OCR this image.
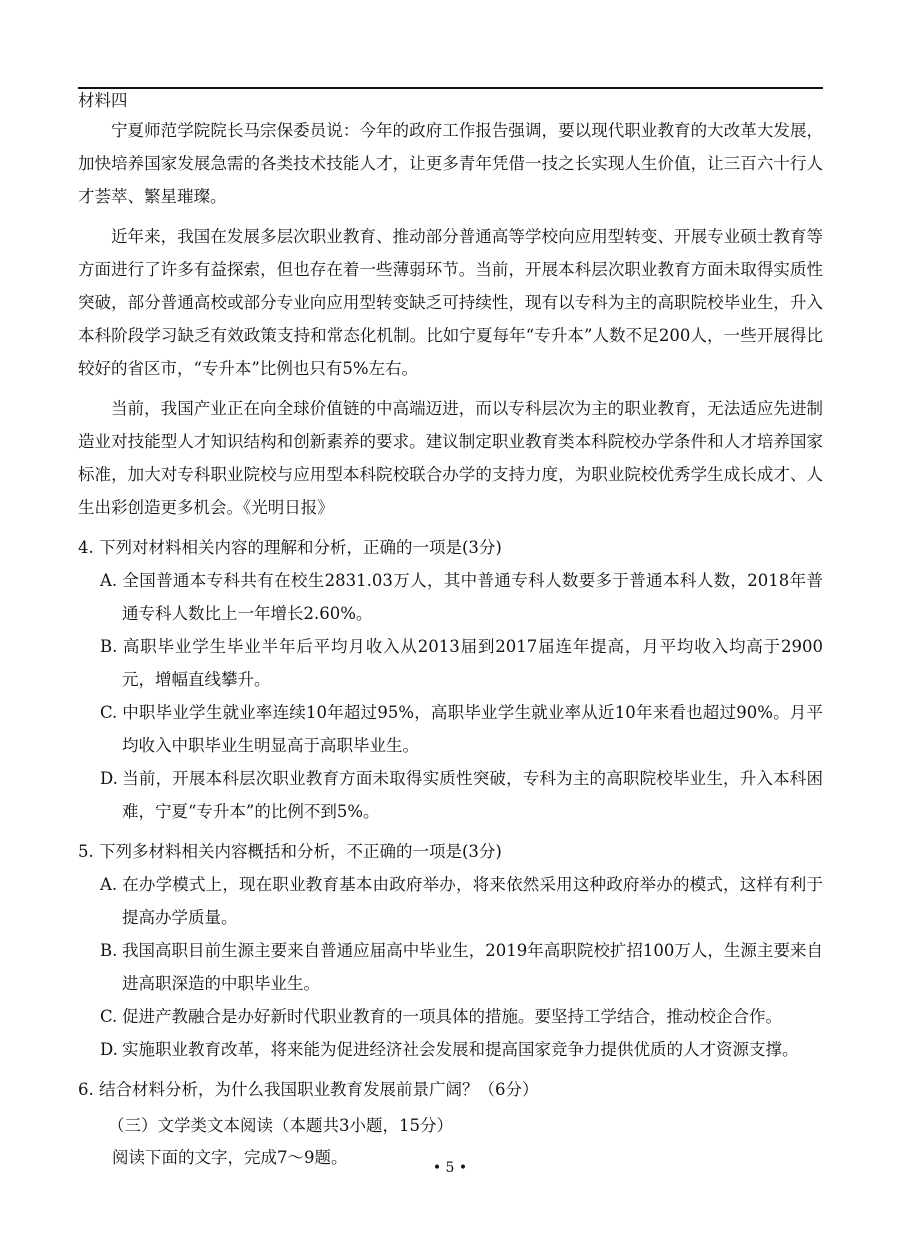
材料四

宁夏师范学院院长马宗保委员说：今年的政府工作报告强调，要以现代职业教育的大改革大发展，加快培养国家发展急需的各类技术技能人才，让更多青年凭借一技之长实现人生价值，让三百六十行人才荟萃、繁星璀璨。

近年来，我国在发展多层次职业教育、推动部分普通高等学校向应用型转变、开展专业硕士教育等方面进行了许多有益探索，但也存在着一些薄弱环节。当前，开展本科层次职业教育方面未取得实质性突破，部分普通高校或部分专业向应用型转变缺乏可持续性，现有以专科为主的高职院校毕业生，升入本科阶段学习缺乏有效政策支持和常态化机制。比如宁夏每年“专升本”人数不足200人，一些开展得比较好的省区市，“专升本”比例也只有5%左右。

当前，我国产业正在向全球价值链的中高端迈进，而以专科层次为主的职业教育，无法适应先进制造业对技能型人才知识结构和创新素养的要求。建议制定职业教育类本科院校办学条件和人才培养国家标准，加大对专科职业院校与应用型本科院校联合办学的支持力度，为职业院校优秀学生成长成才、人生出彩创造更多机会。《光明日报》

4. 下列对材料相关内容的理解和分析，正确的一项是(3分)

A. 全国普通本专科共有在校生2831.03万人，其中普通专科人数要多于普通本科人数，2018年普通专科人数比上一年增长2.60%。

B. 高职毕业学生毕业半年后平均月收入从2013届到2017届连年提高，月平均收入均高于2900元，增幅直线攀升。

C. 中职毕业学生就业率连续10年超过95%，高职毕业学生就业率从近10年来看也超过90%。月平均收入中职毕业生明显高于高职毕业生。

D. 当前，开展本科层次职业教育方面未取得实质性突破，专科为主的高职院校毕业生，升入本科困难，宁夏“专升本”的比例不到5%。

5. 下列多材料相关内容概括和分析，不正确的一项是(3分)

A. 在办学模式上，现在职业教育基本由政府举办，将来依然采用这种政府举办的模式，这样有利于提高办学质量。

B. 我国高职目前生源主要来自普通应届高中毕业生，2019年高职院校扩招100万人，生源主要来自进高职深造的中职毕业生。

C. 促进产教融合是办好新时代职业教育的一项具体的措施。要坚持工学结合，推动校企合作。

D. 实施职业教育改革，将来能为促进经济社会发展和提高国家竞争力提供优质的人才资源支撑。

6. 结合材料分析，为什么我国职业教育发展前景广阔？（6分）

（三）文学类文本阅读（本题共3小题，15分）

阅读下面的文字，完成7～9题。

• 5 •
